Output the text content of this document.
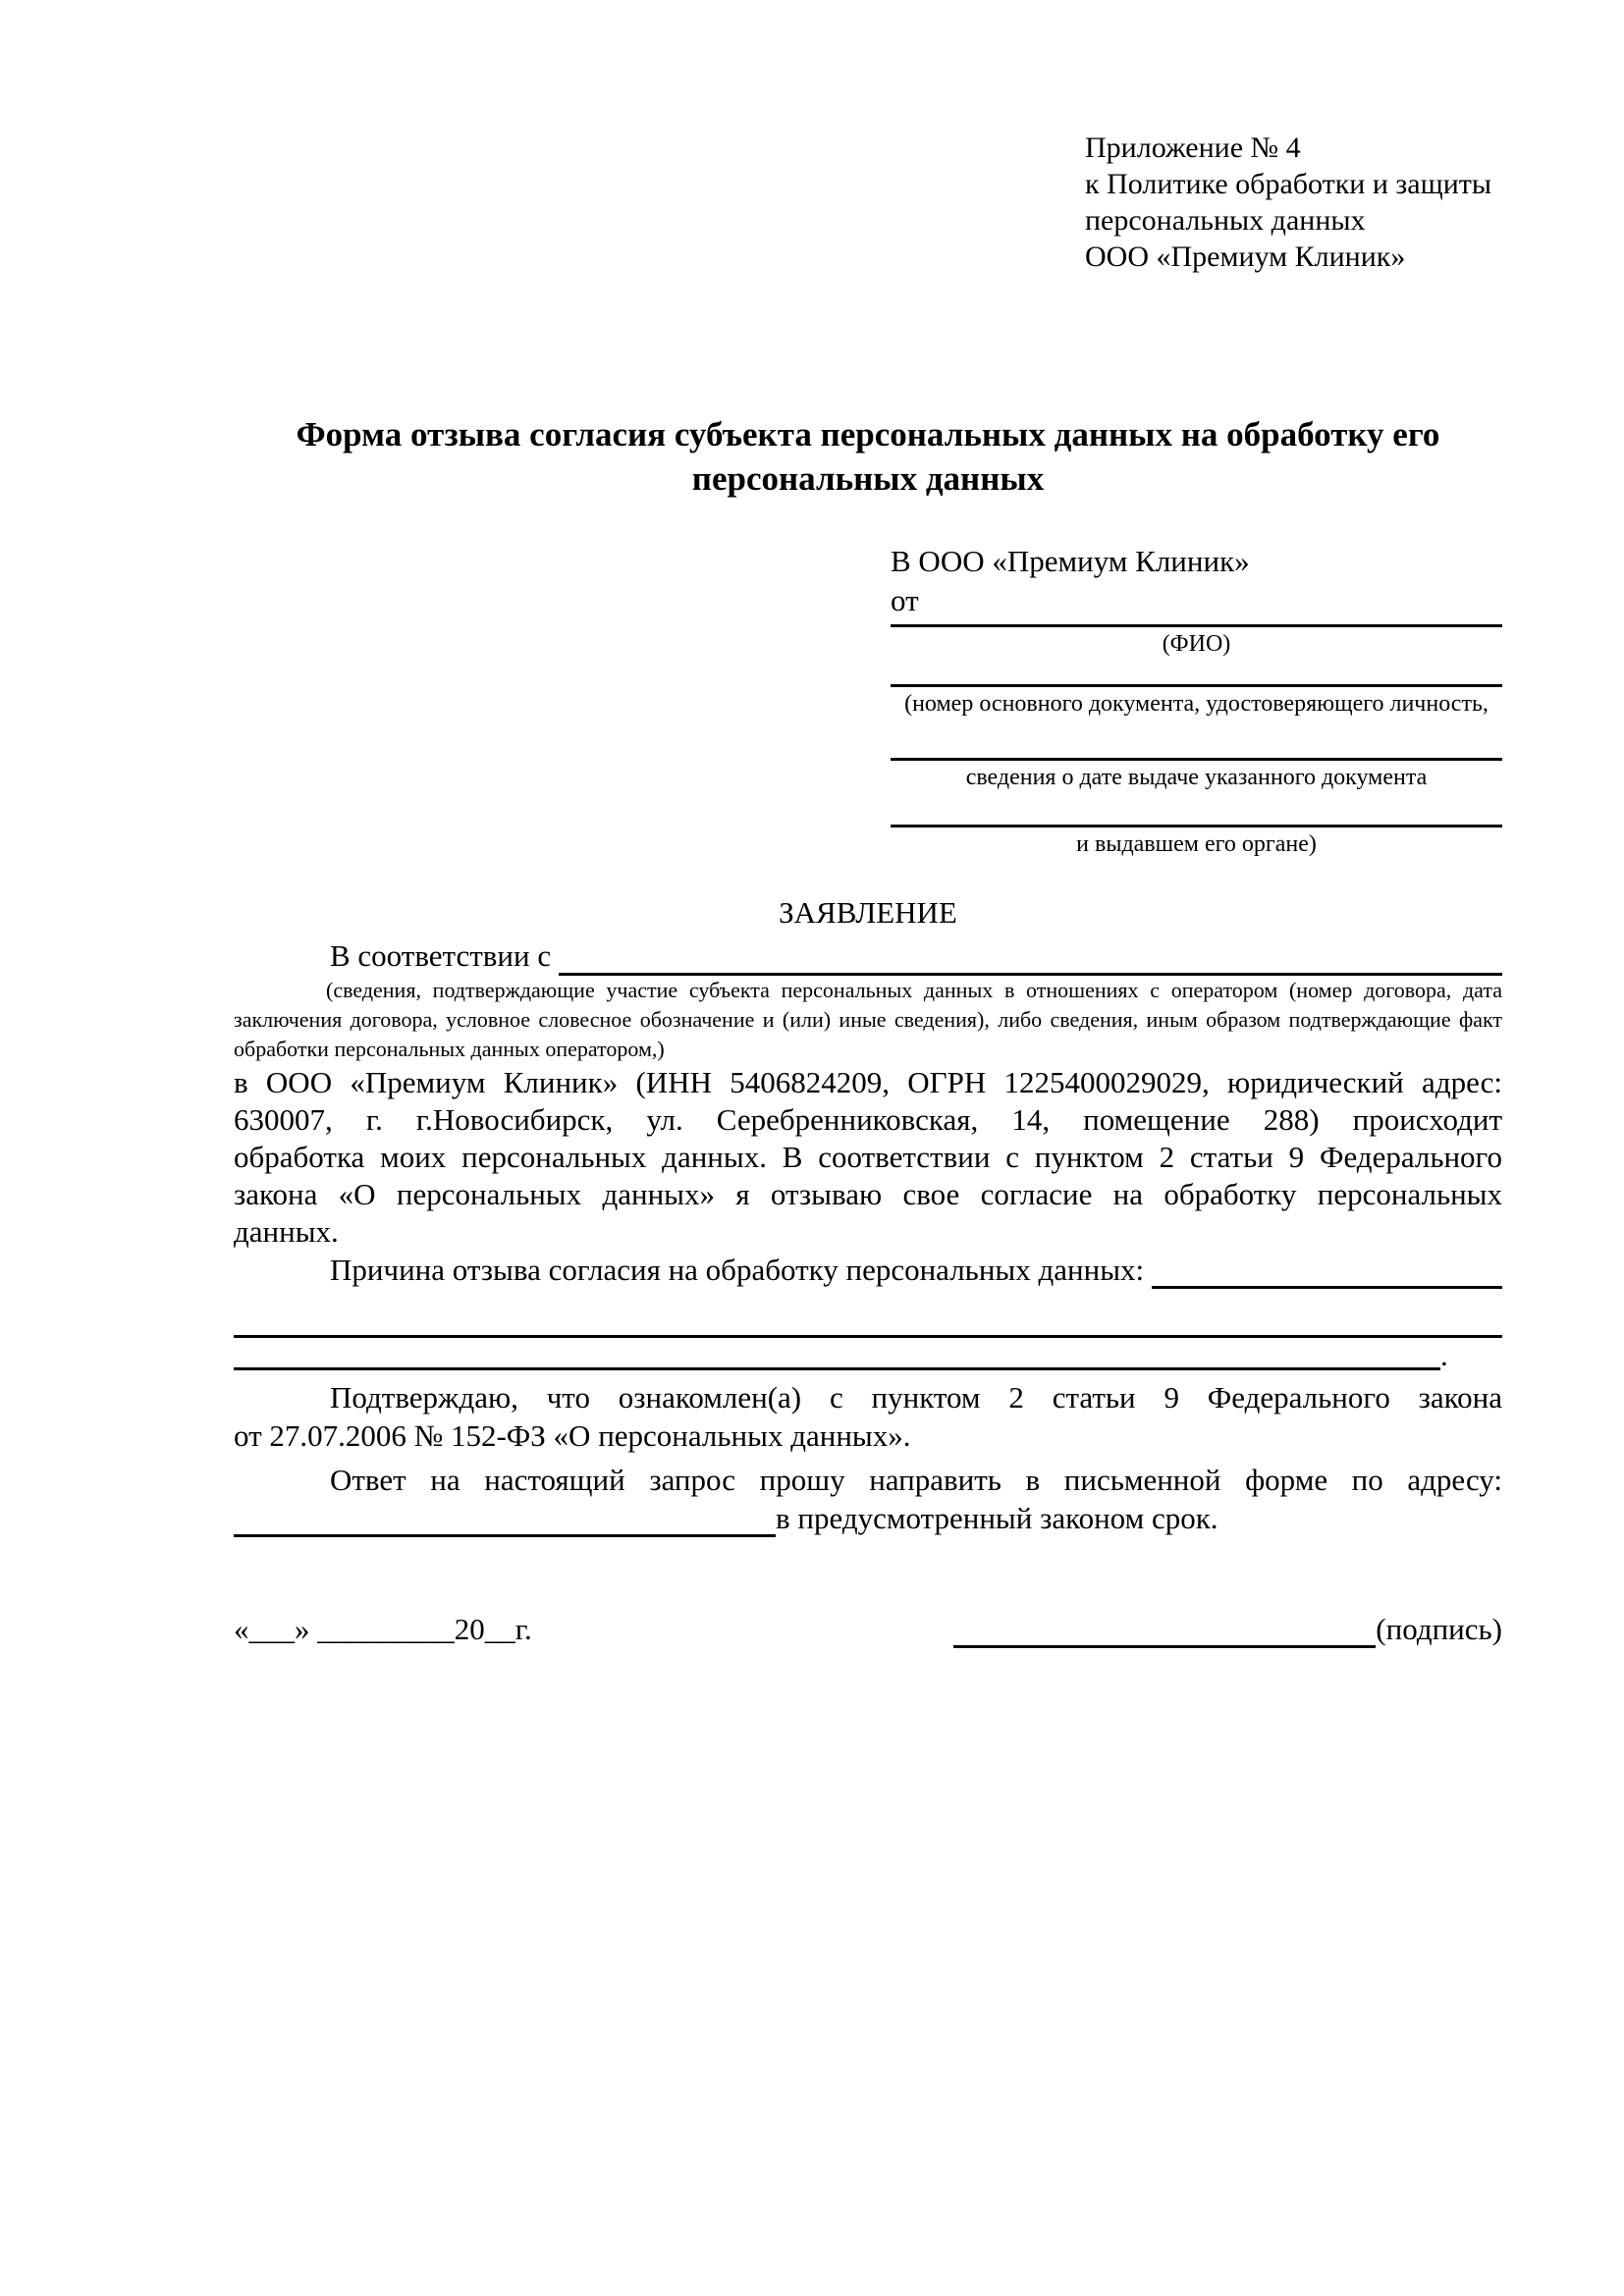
Приложение № 4
к Политике обработки и защиты
персональных данных
ООО «Премиум Клиник»
Форма отзыва согласия субъекта персональных данных на обработку его персональных данных
В ООО «Премиум Клиник»
от
(ФИО)
(номер основного документа, удостоверяющего личность,
сведения о дате выдаче указанного документа
и выдавшем его органе)
ЗАЯВЛЕНИЕ
В соответствии с
(сведения, подтверждающие участие субъекта персональных данных в отношениях с оператором (номер договора, дата
заключения договора, условное словесное обозначение и (или) иные сведения), либо сведения, иным образом подтверждающие факт
обработки персональных данных оператором,)
в ООО «Премиум Клиник» (ИНН 5406824209, ОГРН 1225400029029, юридический адрес:
630007, г. г.Новосибирск, ул. Серебренниковская, 14, помещение 288) происходит
обработка моих персональных данных. В соответствии с пунктом 2 статьи 9 Федерального
закона «О персональных данных» я отзываю свое согласие на обработку персональных
данных.
Причина отзыва согласия на обработку персональных данных:
.
Подтверждаю, что ознакомлен(а) с пунктом 2 статьи 9 Федерального закона
от 27.07.2006 № 152-ФЗ «О персональных данных».
Ответ на настоящий запрос прошу направить в письменной форме по адресу:
в предусмотренный законом срок.
«___» _________20__г.	(подпись)
